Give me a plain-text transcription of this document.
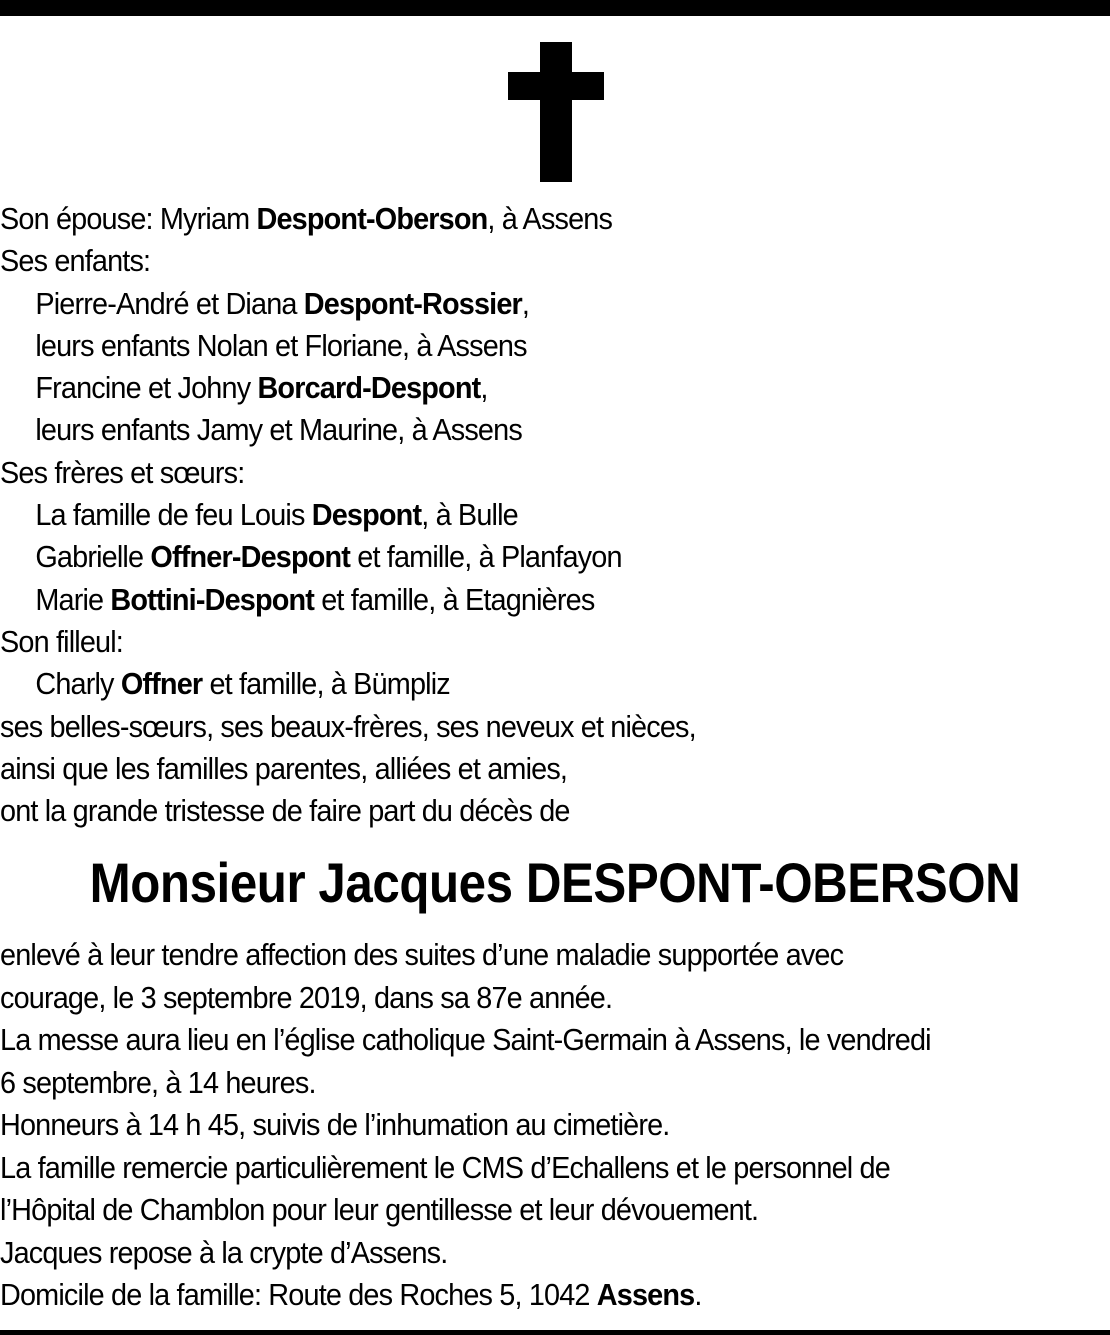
Son épouse: Myriam Despont-Oberson, à Assens
Ses enfants:
Pierre-André et Diana Despont-Rossier,
leurs enfants Nolan et Floriane, à Assens
Francine et Johny Borcard-Despont,
leurs enfants Jamy et Maurine, à Assens
Ses frères et sœurs:
La famille de feu Louis Despont, à Bulle
Gabrielle Offner-Despont et famille, à Planfayon
Marie Bottini-Despont et famille, à Etagnières
Son filleul:
Charly Offner et famille, à Bümpliz
ses belles-sœurs, ses beaux-frères, ses neveux et nièces,
ainsi que les familles parentes, alliées et amies,
ont la grande tristesse de faire part du décès de
Monsieur Jacques DESPONT-OBERSON
enlevé à leur tendre affection des suites d’une maladie supportée avec
courage, le 3 septembre 2019, dans sa 87e année.
La messe aura lieu en l’église catholique Saint-Germain à Assens, le vendredi
6 septembre, à 14 heures.
Honneurs à 14 h 45, suivis de l’inhumation au cimetière.
La famille remercie particulièrement le CMS d’Echallens et le personnel de
l’Hôpital de Chamblon pour leur gentillesse et leur dévouement.
Jacques repose à la crypte d’Assens.
Domicile de la famille: Route des Roches 5, 1042 Assens.
